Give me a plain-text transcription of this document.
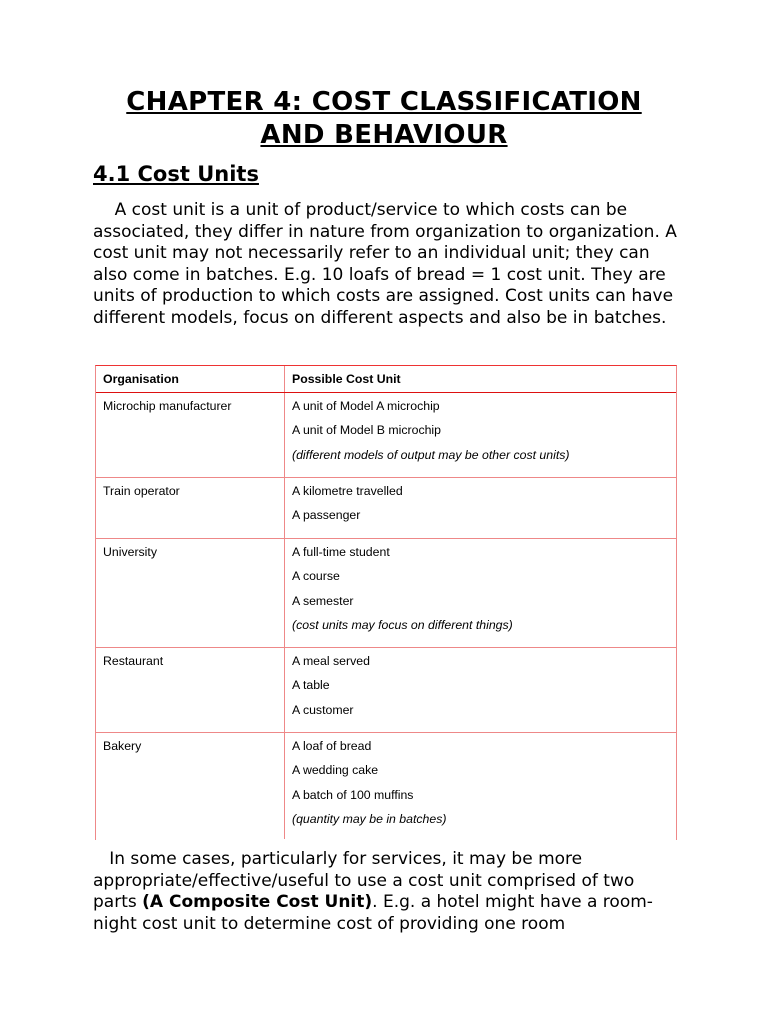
CHAPTER 4: COST CLASSIFICATION
AND BEHAVIOUR
4.1 Cost Units
A cost unit is a unit of product/service to which costs can be associated, they differ in nature from organization to organization. A cost unit may not necessarily refer to an individual unit; they can also come in batches. E.g. 10 loafs of bread = 1 cost unit. They are units of production to which costs are assigned. Cost units can have different models, focus on different aspects and also be in batches.
Organisation	Possible Cost Unit
Microchip manufacturer	A unit of Model A microchip
A unit of Model B microchip
(different models of output may be other cost units)
Train operator	A kilometre travelled
A passenger
University	A full-time student
A course
A semester
(cost units may focus on different things)
Restaurant	A meal served
A table
A customer
Bakery	A loaf of bread
A wedding cake
A batch of 100 muffins
(quantity may be in batches)
In some cases, particularly for services, it may be more appropriate/effective/useful to use a cost unit comprised of two parts (A Composite Cost Unit). E.g. a hotel might have a room-night cost unit to determine cost of providing one room
